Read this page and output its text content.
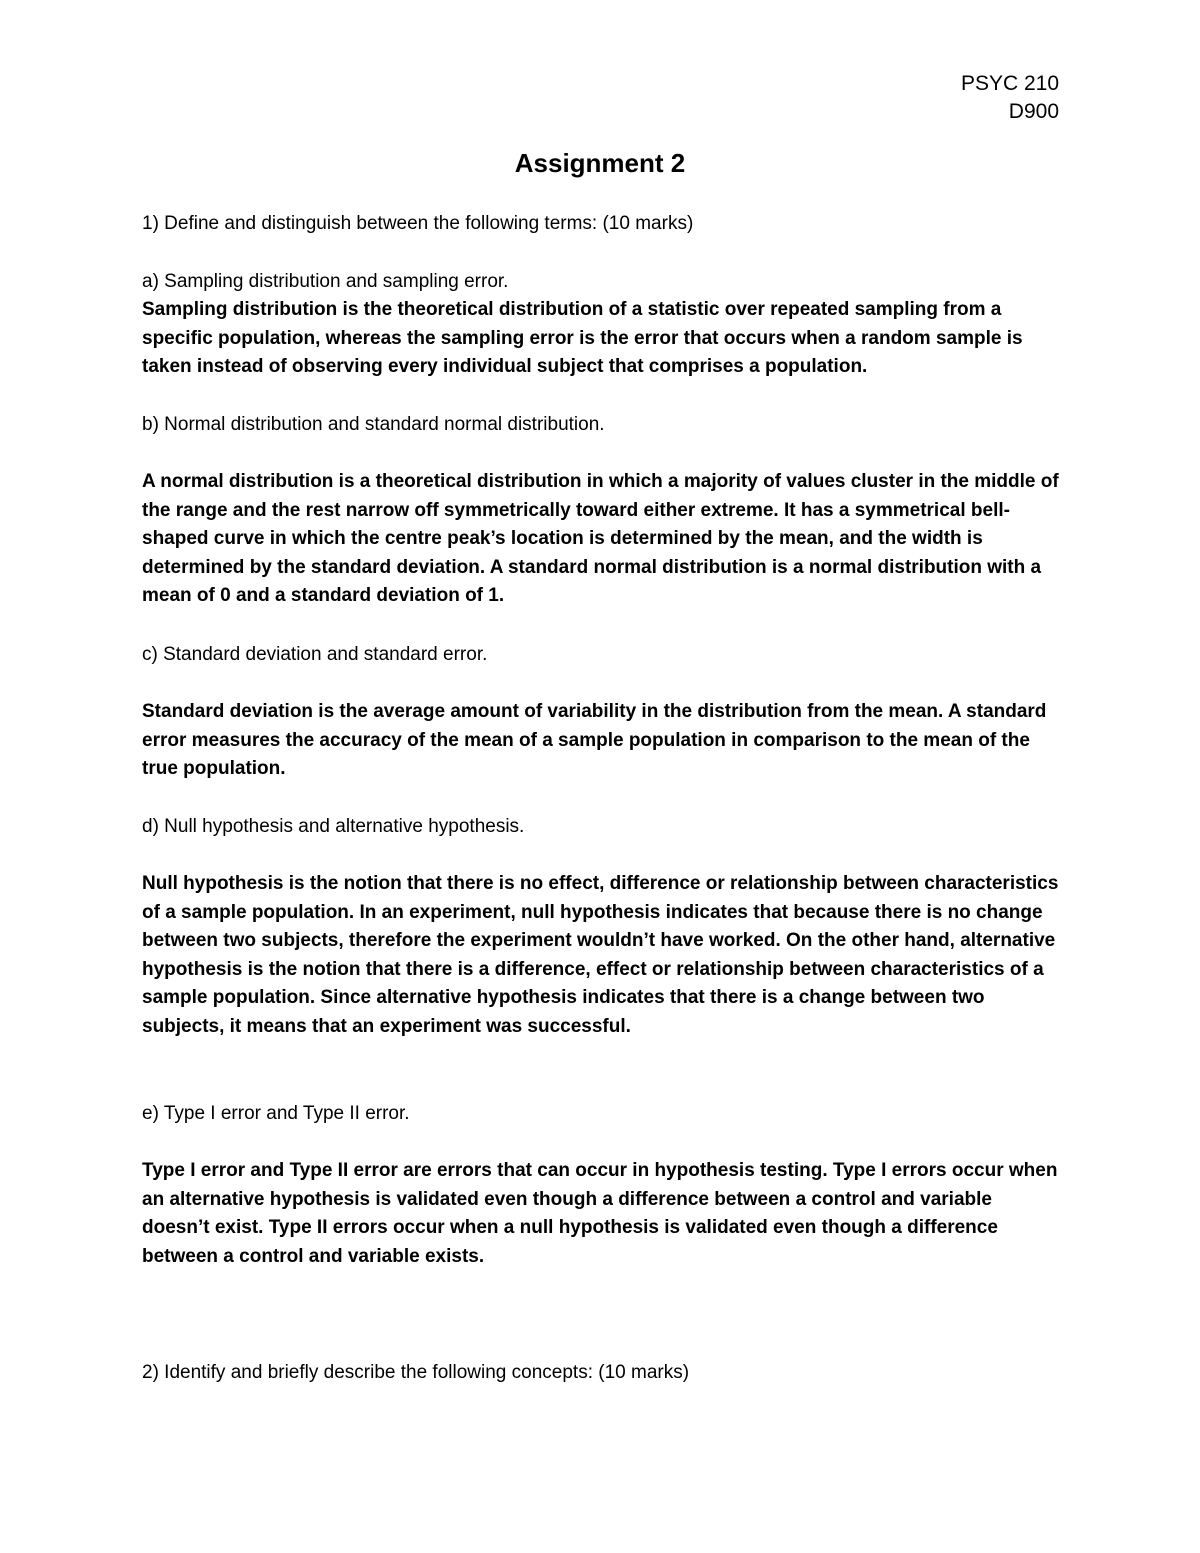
PSYC 210
D900
Assignment 2

1) Define and distinguish between the following terms: (10 marks)

a) Sampling distribution and sampling error.

Sampling distribution is the theoretical distribution of a statistic over repeated sampling from a specific population, whereas the sampling error is the error that occurs when a random sample is taken instead of observing every individual subject that comprises a population.

b) Normal distribution and standard normal distribution.

A normal distribution is a theoretical distribution in which a majority of values cluster in the middle of the range and the rest narrow off symmetrically toward either extreme. It has a symmetrical bell-shaped curve in which the centre peak’s location is determined by the mean, and the width is determined by the standard deviation. A standard normal distribution is a normal distribution with a mean of 0 and a standard deviation of 1.

c) Standard deviation and standard error.

Standard deviation is the average amount of variability in the distribution from the mean. A standard error measures the accuracy of the mean of a sample population in comparison to the mean of the true population.

d) Null hypothesis and alternative hypothesis.

Null hypothesis is the notion that there is no effect, difference or relationship between characteristics of a sample population. In an experiment, null hypothesis indicates that because there is no change between two subjects, therefore the experiment wouldn’t have worked. On the other hand, alternative hypothesis is the notion that there is a difference, effect or relationship between characteristics of a sample population. Since alternative hypothesis indicates that there is a change between two subjects, it means that an experiment was successful.

e) Type I error and Type II error.

Type I error and Type II error are errors that can occur in hypothesis testing. Type I errors occur when an alternative hypothesis is validated even though a difference between a control and variable doesn’t exist. Type II errors occur when a null hypothesis is validated even though a difference between a control and variable exists.

2) Identify and briefly describe the following concepts: (10 marks)
